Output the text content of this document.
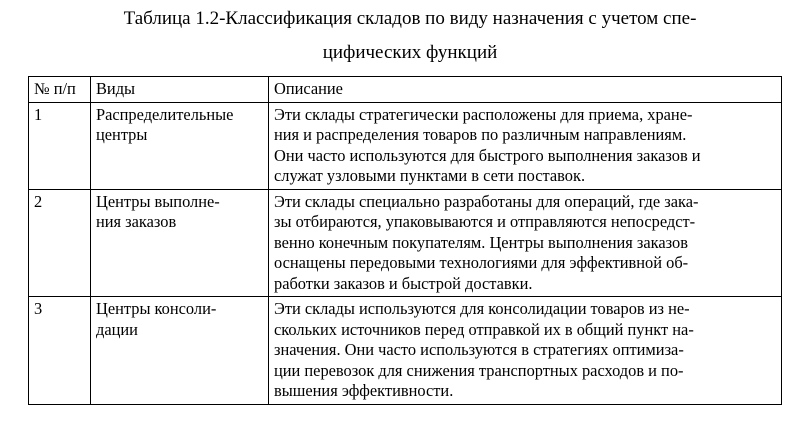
Таблица 1.2-Классификация складов по виду назначения с учетом спе-
цифических функций
№ п/п	Виды	Описание
1	Распределительные
центры	Эти склады стратегически расположены для приема, хране-
ния и распределения товаров по различным направлениям.
Они часто используются для быстрого выполнения заказов и
служат узловыми пунктами в сети поставок.

2	Центры выполне-
ния заказов	Эти склады специально разработаны для операций, где зака-
зы отбираются, упаковываются и отправляются непосредст-
венно конечным покупателям. Центры выполнения заказов
оснащены передовыми технологиями для эффективной об-
работки заказов и быстрой доставки.

3	Центры консоли-
дации	Эти склады используются для консолидации товаров из не-
скольких источников перед отправкой их в общий пункт на-
значения. Они часто используются в стратегиях оптимиза-
ции перевозок для снижения транспортных расходов и по-
вышения эффективности.
